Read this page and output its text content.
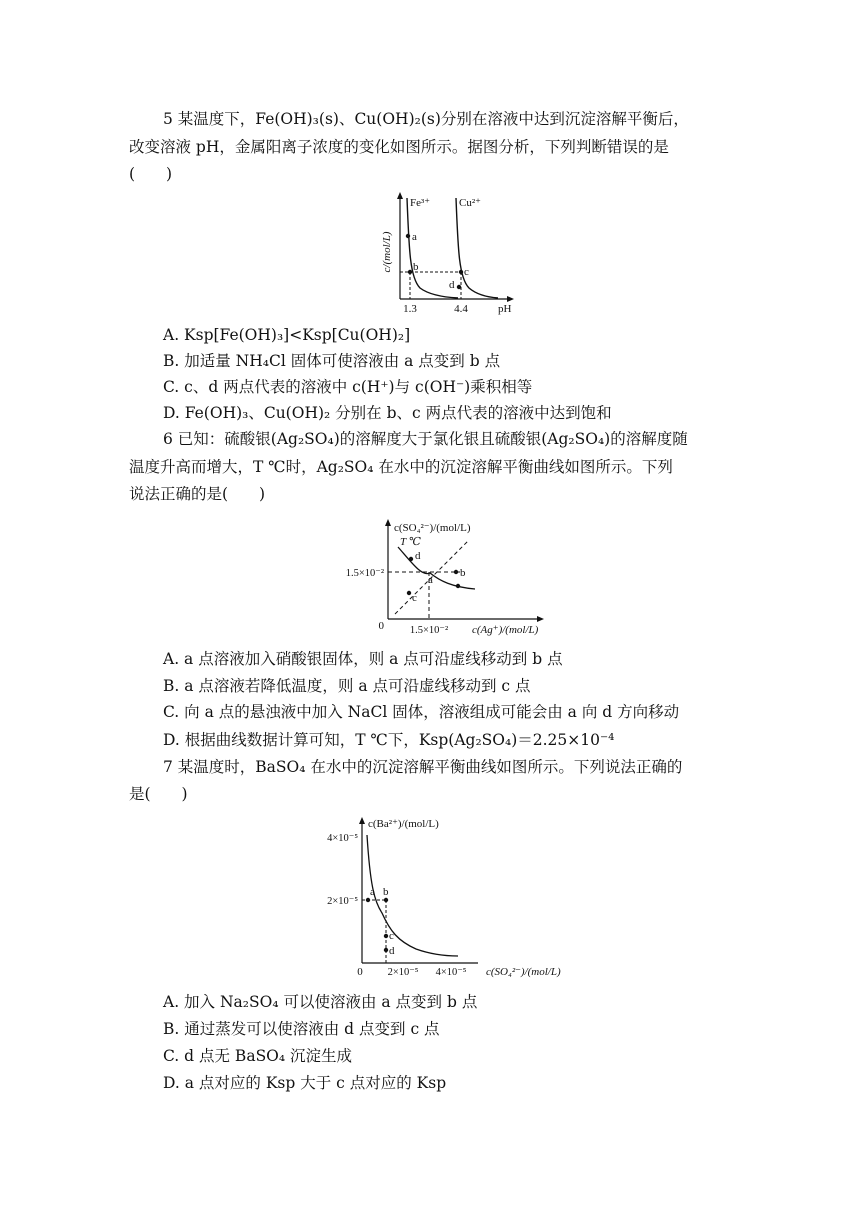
5 某温度下，Fe(OH)₃(s)、Cu(OH)₂(s)分别在溶液中达到沉淀溶解平衡后，
改变溶液 pH，金属阳离子浓度的变化如图所示。据图分析，下列判断错误的是
(　　)
c/(mol/L)
Fe³⁺	Cu²⁺
a
b	c
d
1.3	4.4	pH
A. Ksp[Fe(OH)₃]<Ksp[Cu(OH)₂]
B. 加适量 NH₄Cl 固体可使溶液由 a 点变到 b 点
C. c、d 两点代表的溶液中 c(H⁺)与 c(OH⁻)乘积相等
D. Fe(OH)₃、Cu(OH)₂ 分别在 b、c 两点代表的溶液中达到饱和
6 已知：硫酸银(Ag₂SO₄)的溶解度大于氯化银且硫酸银(Ag₂SO₄)的溶解度随
温度升高而增大，T ℃时，Ag₂SO₄ 在水中的沉淀溶解平衡曲线如图所示。下列
说法正确的是(　　)
c(SO₄²⁻)/(mol/L)
T ℃
d
a
b
c
1.5×10⁻²
0 1.5×10⁻² c(Ag⁺)/(mol/L)
A. a 点溶液加入硝酸银固体，则 a 点可沿虚线移动到 b 点
B. a 点溶液若降低温度，则 a 点可沿虚线移动到 c 点
C. 向 a 点的悬浊液中加入 NaCl 固体，溶液组成可能会由 a 向 d 方向移动
D. 根据曲线数据计算可知，T ℃下，Ksp(Ag₂SO₄)＝2.25×10⁻⁴
7 某温度时，BaSO₄ 在水中的沉淀溶解平衡曲线如图所示。下列说法正确的
是(　　)
c(Ba²⁺)/(mol/L)
a b
c
d
4×10⁻⁵
2×10⁻⁵
0 2×10⁻⁵ 4×10⁻⁵ c(SO₄²⁻)/(mol/L)
A. 加入 Na₂SO₄ 可以使溶液由 a 点变到 b 点
B. 通过蒸发可以使溶液由 d 点变到 c 点
C. d 点无 BaSO₄ 沉淀生成
D. a 点对应的 Ksp 大于 c 点对应的 Ksp
